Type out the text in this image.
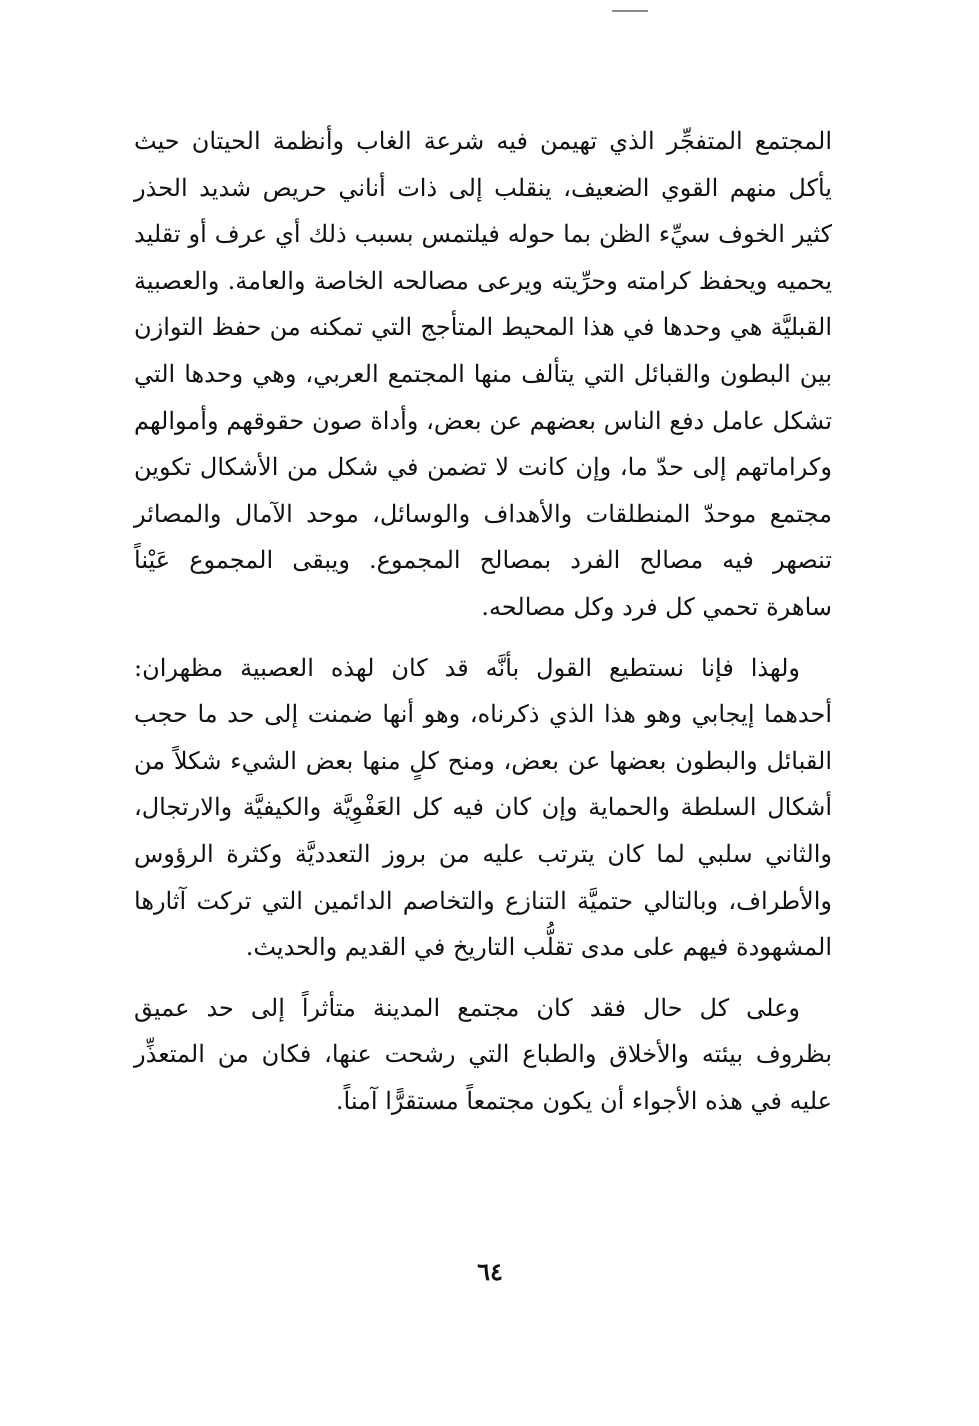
المجتمع المتفجِّر الذي تهيمن فيه شرعة الغاب وأنظمة الحيتان حيث
يأكل منهم القوي الضعيف، ينقلب إلى ذات أناني حريص شديد الحذر
كثير الخوف سيِّء الظن بما حوله فيلتمس بسبب ذلك أي عرف أو تقليد
يحميه ويحفظ كرامته وحرِّيته ويرعى مصالحه الخاصة والعامة. والعصبية
القبليَّة هي وحدها في هذا المحيط المتأجج التي تمكنه من حفظ التوازن
بين البطون والقبائل التي يتألف منها المجتمع العربي، وهي وحدها التي
تشكل عامل دفع الناس بعضهم عن بعض، وأداة صون حقوقهم وأموالهم
وكراماتهم إلى حدّ ما، وإن كانت لا تضمن في شكل من الأشكال تكوين
مجتمع موحدّ المنطلقات والأهداف والوسائل، موحد الآمال والمصائر
تنصهر فيه مصالح الفرد بمصالح المجموع. ويبقى المجموع عَيْناً
ساهرة تحمي كل فرد وكل مصالحه.

ولهذا فإنا نستطيع القول بأنَّه قد كان لهذه العصبية مظهران:
أحدهما إيجابي وهو هذا الذي ذكرناه، وهو أنها ضمنت إلى حد ما حجب
القبائل والبطون بعضها عن بعض، ومنح كلٍ منها بعض الشيء شكلاً من
أشكال السلطة والحماية وإن كان فيه كل العَفْوِيَّة والكيفيَّة والارتجال،
والثاني سلبي لما كان يترتب عليه من بروز التعدديَّة وكثرة الرؤوس
والأطراف، وبالتالي حتميَّة التنازع والتخاصم الدائمين التي تركت آثارها
المشهودة فيهم على مدى تقلُّب التاريخ في القديم والحديث.

وعلى كل حال فقد كان مجتمع المدينة متأثراً إلى حد عميق
بظروف بيئته والأخلاق والطباع التي رشحت عنها، فكان من المتعذِّر
عليه في هذه الأجواء أن يكون مجتمعاً مستقرًّا آمناً.

٦٤
